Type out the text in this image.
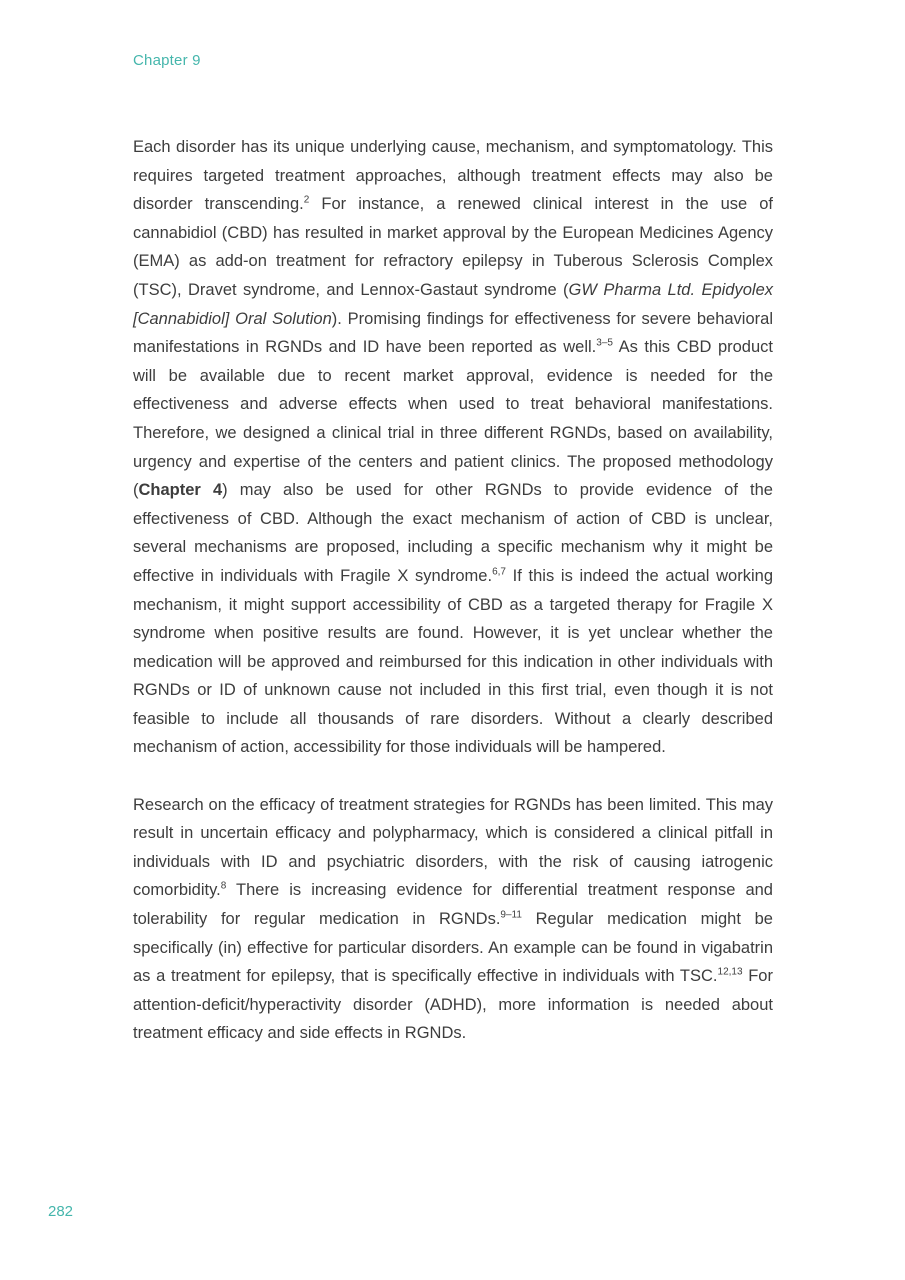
Chapter 9

Each disorder has its unique underlying cause, mechanism, and symptomatology. This requires targeted treatment approaches, although treatment effects may also be disorder transcending.$^2$ For instance, a renewed clinical interest in the use of cannabidiol (CBD) has resulted in market approval by the European Medicines Agency (EMA) as add-on treatment for refractory epilepsy in Tuberous Sclerosis Complex (TSC), Dravet syndrome, and Lennox-Gastaut syndrome (GW Pharma Ltd. Epidyolex [Cannabidiol] Oral Solution). Promising findings for effectiveness for severe behavioral manifestations in RGNDs and ID have been reported as well.$^{3-5}$ As this CBD product will be available due to recent market approval, evidence is needed for the effectiveness and adverse effects when used to treat behavioral manifestations. Therefore, we designed a clinical trial in three different RGNDs, based on availability, urgency and expertise of the centers and patient clinics. The proposed methodology (Chapter 4) may also be used for other RGNDs to provide evidence of the effectiveness of CBD. Although the exact mechanism of action of CBD is unclear, several mechanisms are proposed, including a specific mechanism why it might be effective in individuals with Fragile X syndrome.$^{6,7}$ If this is indeed the actual working mechanism, it might support accessibility of CBD as a targeted therapy for Fragile X syndrome when positive results are found. However, it is yet unclear whether the medication will be approved and reimbursed for this indication in other individuals with RGNDs or ID of unknown cause not included in this first trial, even though it is not feasible to include all thousands of rare disorders. Without a clearly described mechanism of action, accessibility for those individuals will be hampered.

Research on the efficacy of treatment strategies for RGNDs has been limited. This may result in uncertain efficacy and polypharmacy, which is considered a clinical pitfall in individuals with ID and psychiatric disorders, with the risk of causing iatrogenic comorbidity.$^8$ There is increasing evidence for differential treatment response and tolerability for regular medication in RGNDs.$^{9-11}$ Regular medication might be specifically (in) effective for particular disorders. An example can be found in vigabatrin as a treatment for epilepsy, that is specifically effective in individuals with TSC.$^{12,13}$ For attention-deficit/hyperactivity disorder (ADHD), more information is needed about treatment efficacy and side effects in RGNDs.

282
